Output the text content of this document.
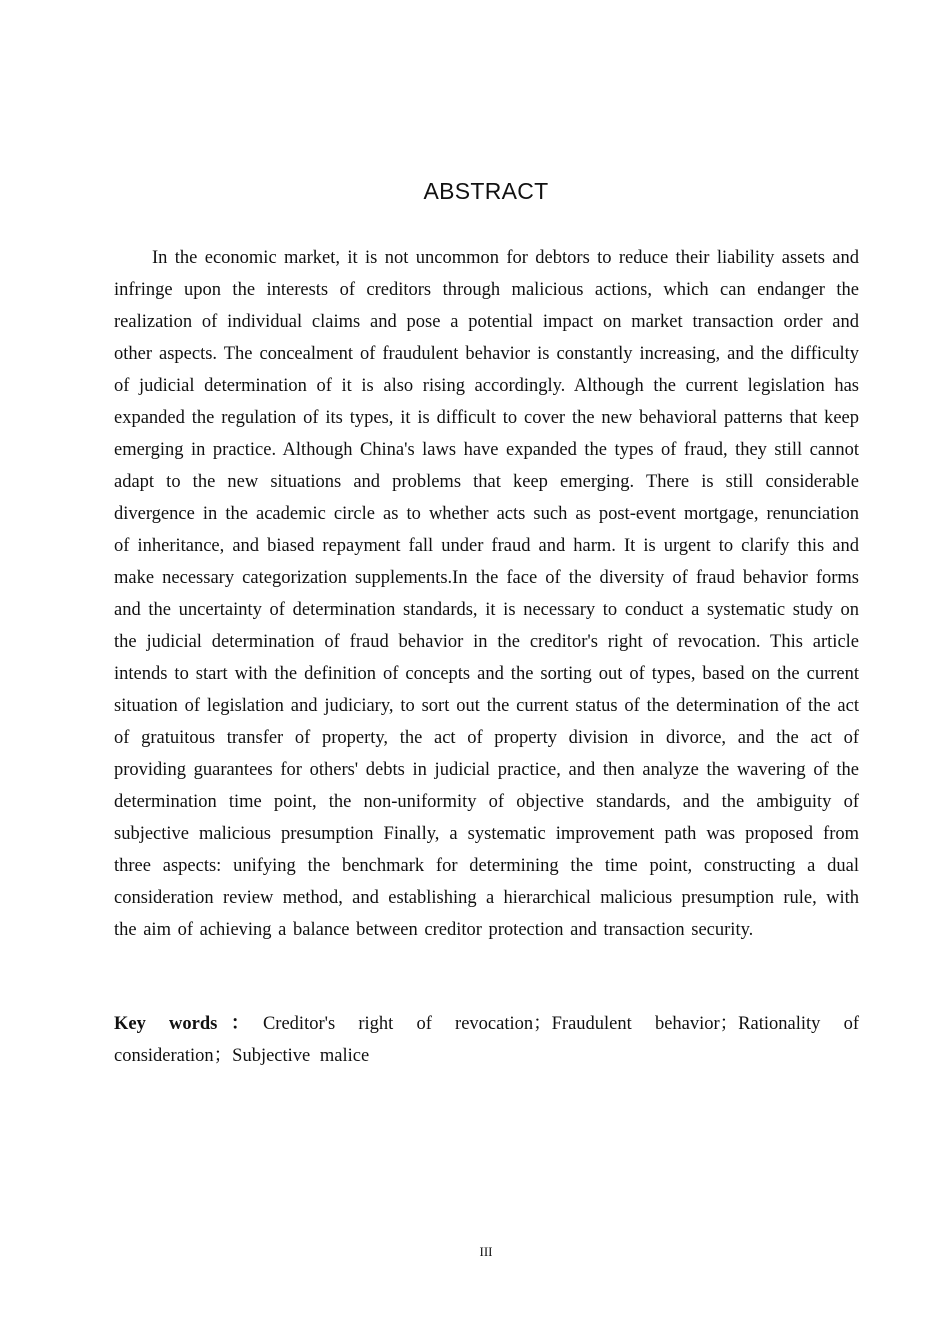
ABSTRACT

In the economic market, it is not uncommon for debtors to reduce their liability assets and infringe upon the interests of creditors through malicious actions, which can endanger the realization of individual claims and pose a potential impact on market transaction order and other aspects. The concealment of fraudulent behavior is constantly increasing, and the difficulty of judicial determination of it is also rising accordingly. Although the current legislation has expanded the regulation of its types, it is difficult to cover the new behavioral patterns that keep emerging in practice. Although China's laws have expanded the types of fraud, they still cannot adapt to the new situations and problems that keep emerging. There is still considerable divergence in the academic circle as to whether acts such as post-event mortgage, renunciation of inheritance, and biased repayment fall under fraud and harm. It is urgent to clarify this and make necessary categorization supplements.In the face of the diversity of fraud behavior forms and the uncertainty of determination standards, it is necessary to conduct a systematic study on the judicial determination of fraud behavior in the creditor's right of revocation. This article intends to start with the definition of concepts and the sorting out of types, based on the current situation of legislation and judiciary, to sort out the current status of the determination of the act of gratuitous transfer of property, the act of property division in divorce, and the act of providing guarantees for others' debts in judicial practice, and then analyze the wavering of the determination time point, the non-uniformity of objective standards, and the ambiguity of subjective malicious presumption Finally, a systematic improvement path was proposed from three aspects: unifying the benchmark for determining the time point, constructing a dual consideration review method, and establishing a hierarchical malicious presumption rule, with the aim of achieving a balance between creditor protection and transaction security.

Key words：Creditor's right of revocation；Fraudulent behavior；Rationality of consideration；Subjective malice

III
